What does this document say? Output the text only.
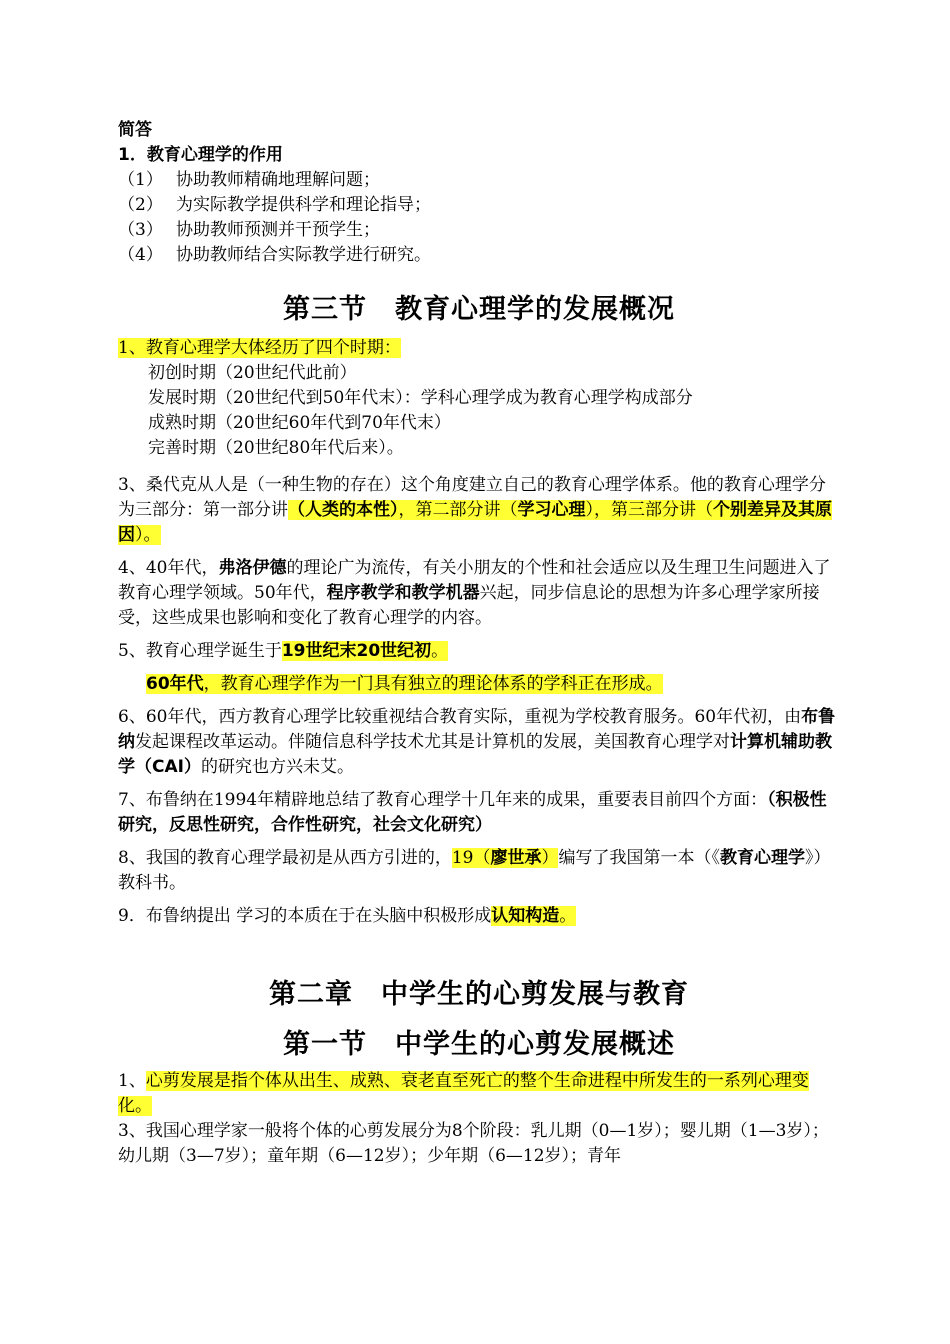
简答
1．教育心理学的作用
（1） 协助教师精确地理解问题；
（2） 为实际教学提供科学和理论指导；
（3） 协助教师预测并干预学生；
（4） 协助教师结合实际教学进行研究。
第三节　教育心理学的发展概况
1、教育心理学大体经历了四个时期：
初创时期（20世纪代此前）
发展时期（20世纪代到50年代末）：学科心理学成为教育心理学构成部分
成熟时期（20世纪60年代到70年代末）
完善时期（20世纪80年代后来）。
3、桑代克从人是（一种生物的存在）这个角度建立自己的教育心理学体系。他的教育心理学分为三部分：第一部分讲（人类的本性），第二部分讲（学习心理），第三部分讲（个别差异及其原因）。
4、40年代，弗洛伊德的理论广为流传，有关小朋友的个性和社会适应以及生理卫生问题进入了教育心理学领域。50年代，程序教学和教学机器兴起，同步信息论的思想为许多心理学家所接受，这些成果也影响和变化了教育心理学的内容。
5、教育心理学诞生于19世纪末20世纪初。
60年代，教育心理学作为一门具有独立的理论体系的学科正在形成。
6、60年代，西方教育心理学比较重视结合教育实际，重视为学校教育服务。60年代初，由布鲁纳发起课程改革运动。伴随信息科学技术尤其是计算机的发展，美国教育心理学对计算机辅助教学（CAI）的研究也方兴未艾。
7、布鲁纳在1994年精辟地总结了教育心理学十几年来的成果，重要表目前四个方面：（积极性研究，反思性研究，合作性研究，社会文化研究）
8、我国的教育心理学最初是从西方引进的，19（廖世承）编写了我国第一本（《教育心理学》）教科书。
9．布鲁纳提出 学习的本质在于在头脑中积极形成认知构造。
第二章　中学生的心剪发展与教育
第一节　中学生的心剪发展概述
1、心剪发展是指个体从出生、成熟、衰老直至死亡的整个生命进程中所发生的一系列心理变化。
3、我国心理学家一般将个体的心剪发展分为8个阶段：乳儿期（0—1岁）；婴儿期（1—3岁）；幼儿期（3—7岁）；童年期（6—12岁）；少年期（6—12岁）；青年
